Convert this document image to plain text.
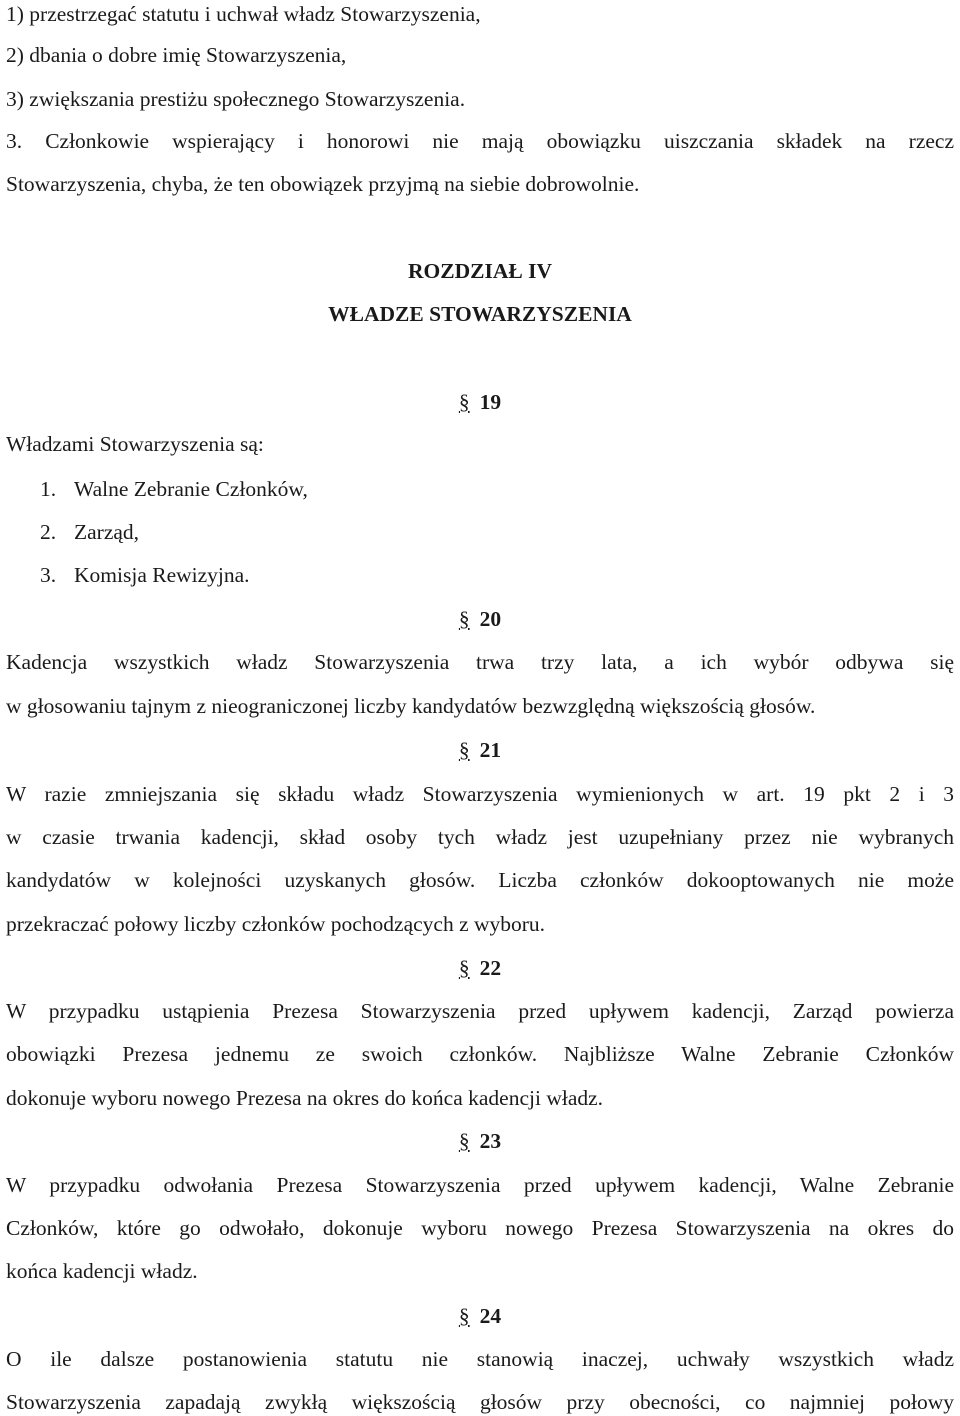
1) przestrzegać statutu i uchwał władz Stowarzyszenia,
2) dbania o dobre imię Stowarzyszenia,
3) zwiększania prestiżu społecznego Stowarzyszenia.
3. Członkowie wspierający i honorowi nie mają obowiązku uiszczania składek na rzecz
Stowarzyszenia, chyba, że ten obowiązek przyjmą na siebie dobrowolnie.
ROZDZIAŁ IV
WŁADZE STOWARZYSZENIA
§ 19
Władzami Stowarzyszenia są:
1. Walne Zebranie Członków,
2. Zarząd,
3. Komisja Rewizyjna.
§ 20
Kadencja wszystkich władz Stowarzyszenia trwa trzy lata, a ich wybór odbywa się
w głosowaniu tajnym z nieograniczonej liczby kandydatów bezwzględną większością głosów.
§ 21
W razie zmniejszania się składu władz Stowarzyszenia wymienionych w art. 19 pkt 2 i 3
w czasie trwania kadencji, skład osoby tych władz jest uzupełniany przez nie wybranych
kandydatów w kolejności uzyskanych głosów. Liczba członków dokooptowanych nie może
przekraczać połowy liczby członków pochodzących z wyboru.
§ 22
W przypadku ustąpienia Prezesa Stowarzyszenia przed upływem kadencji, Zarząd powierza
obowiązki Prezesa jednemu ze swoich członków. Najbliższe Walne Zebranie Członków
dokonuje wyboru nowego Prezesa na okres do końca kadencji władz.
§ 23
W przypadku odwołania Prezesa Stowarzyszenia przed upływem kadencji, Walne Zebranie
Członków, które go odwołało, dokonuje wyboru nowego Prezesa Stowarzyszenia na okres do
końca kadencji władz.
§ 24
O ile dalsze postanowienia statutu nie stanowią inaczej, uchwały wszystkich władz
Stowarzyszenia zapadają zwykłą większością głosów przy obecności, co najmniej połowy
